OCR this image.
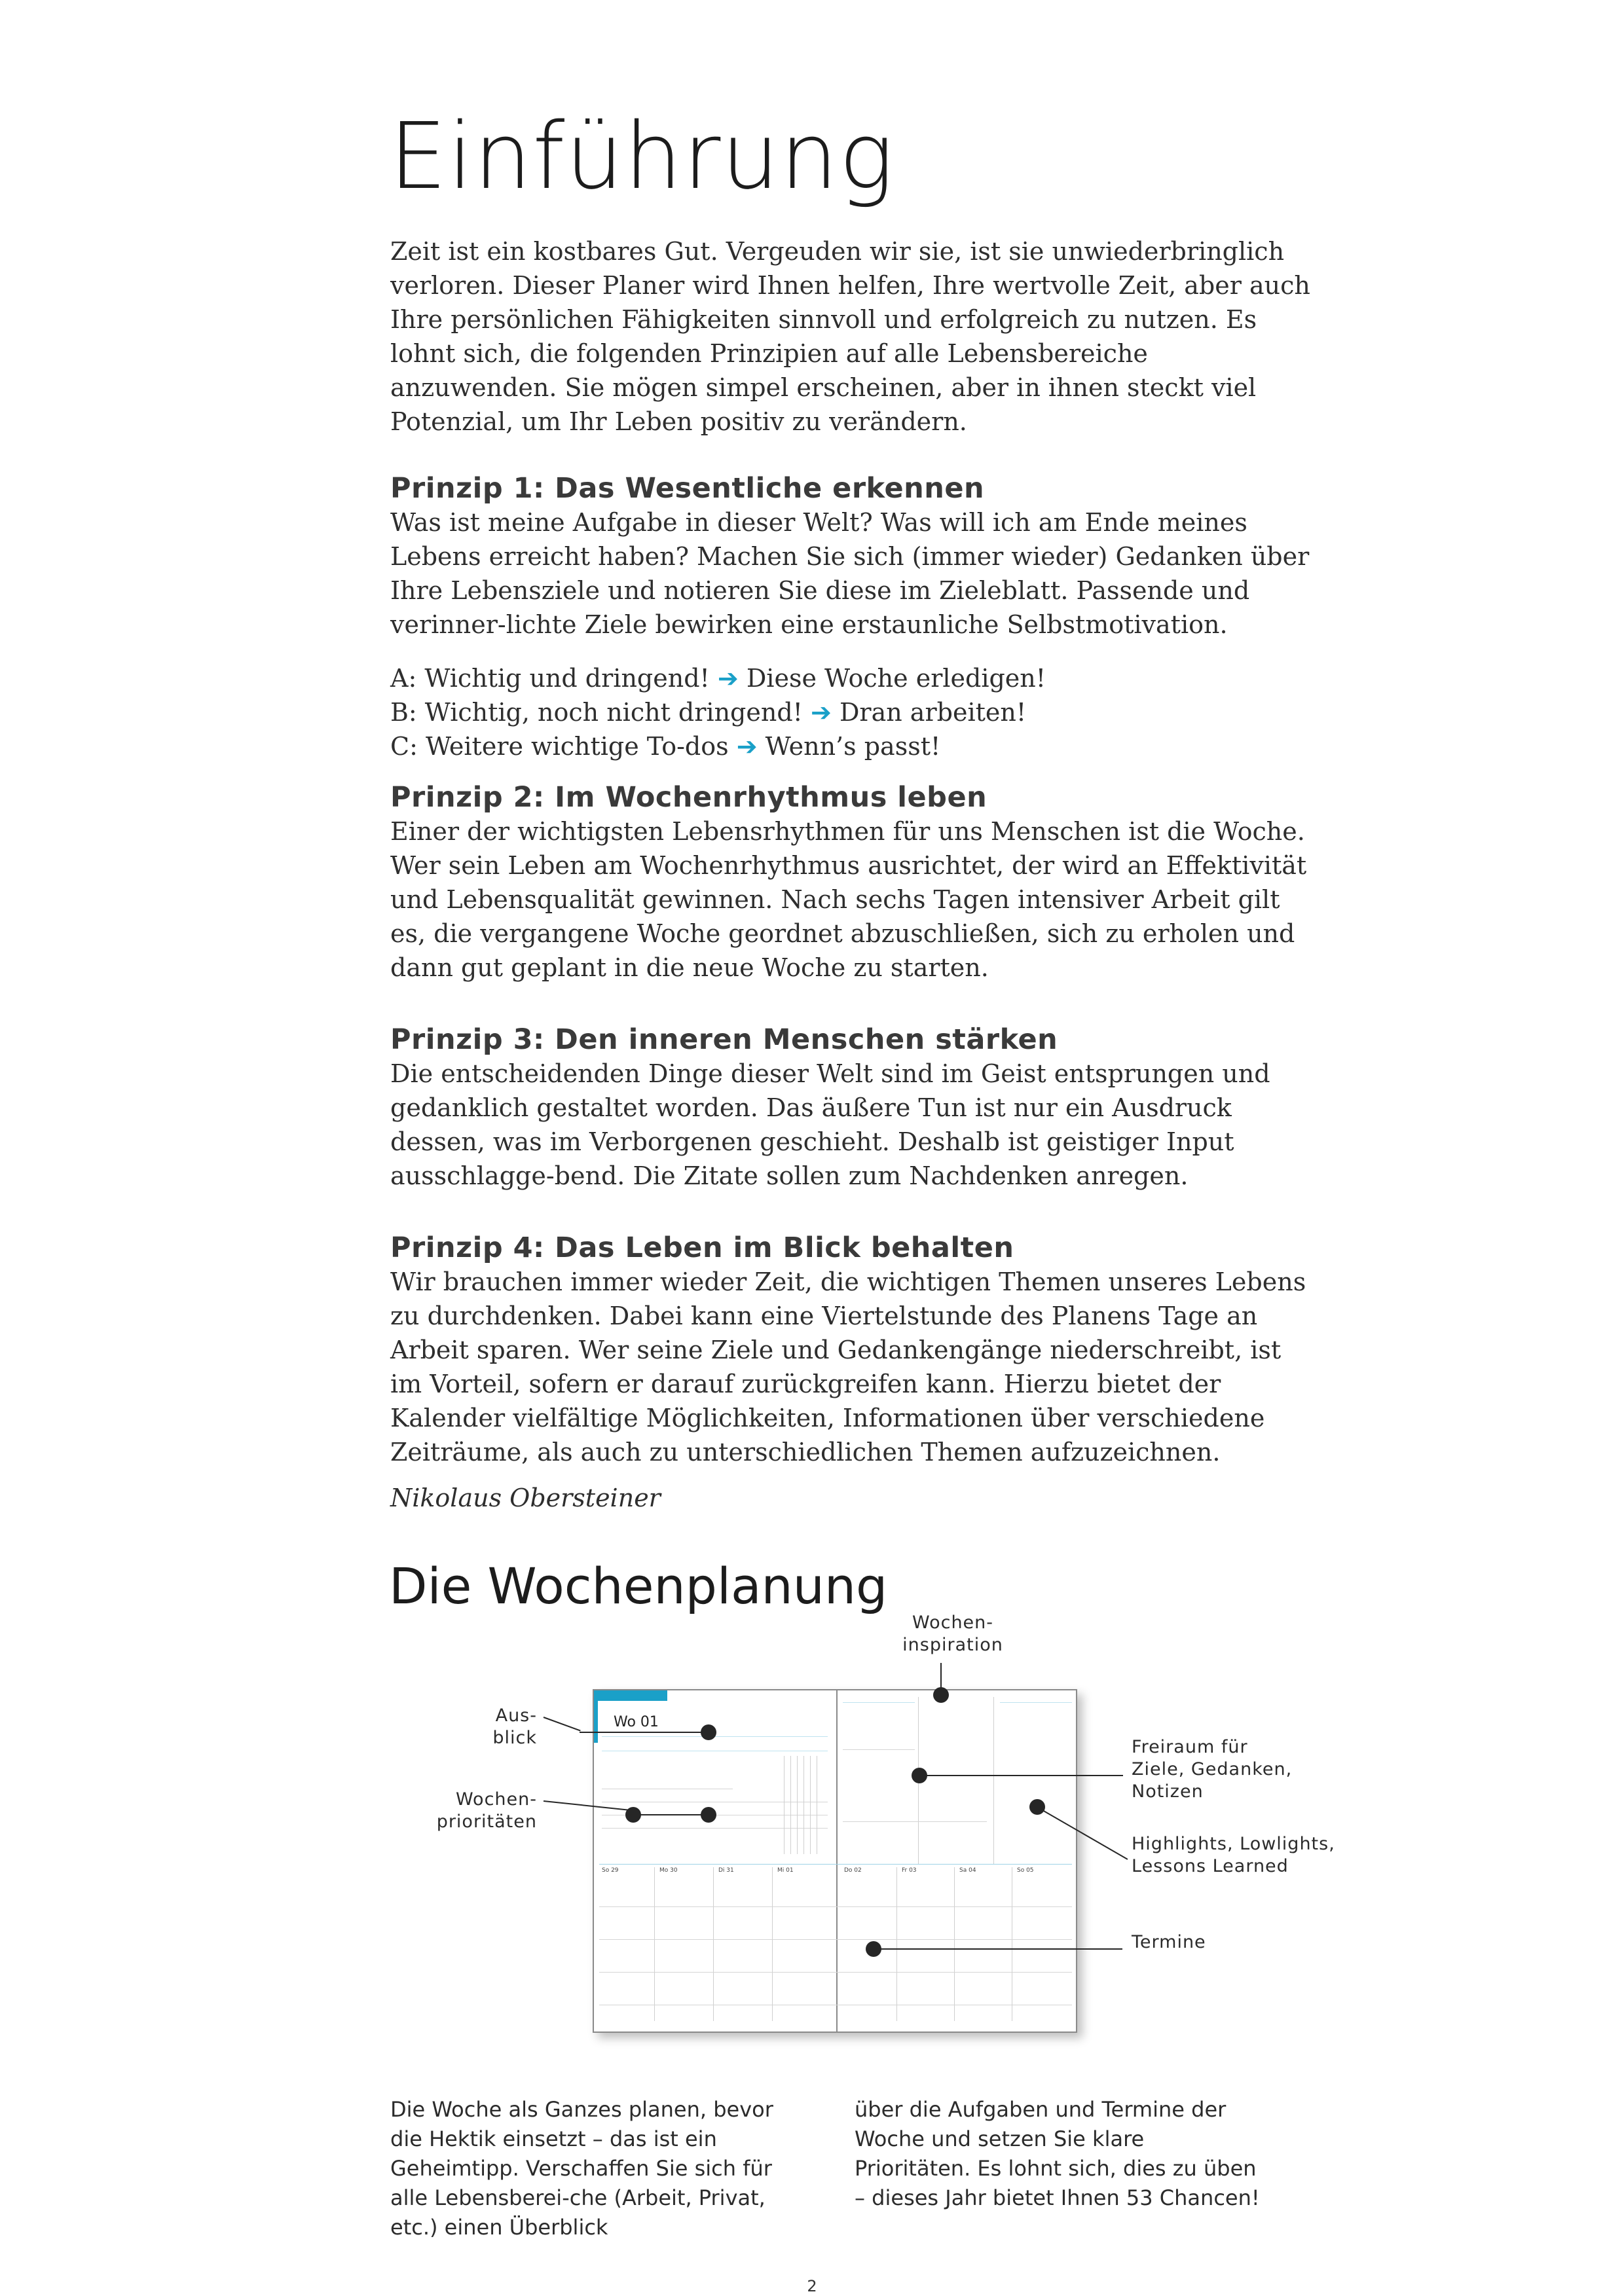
Einführung
Zeit ist ein kostbares Gut. Vergeuden wir sie, ist sie unwiederbringlich verloren. Dieser Planer wird Ihnen helfen, Ihre wertvolle Zeit, aber auch Ihre persönlichen Fähigkeiten sinnvoll und erfolgreich zu nutzen. Es lohnt sich, die folgenden Prinzipien auf alle Lebensbereiche anzuwenden. Sie mögen simpel erscheinen, aber in ihnen steckt viel Potenzial, um Ihr Leben positiv zu verändern.
Prinzip 1: Das Wesentliche erkennen
Was ist meine Aufgabe in dieser Welt? Was will ich am Ende meines Lebens erreicht haben? Machen Sie sich (immer wieder) Gedanken über Ihre Lebensziele und notieren Sie diese im Zieleblatt. Passende und verinner-lichte Ziele bewirken eine erstaunliche Selbstmotivation.
A: Wichtig und dringend! ➔ Diese Woche erledigen!
B: Wichtig, noch nicht dringend! ➔ Dran arbeiten!
C: Weitere wichtige To-dos ➔ Wenn’s passt!
Prinzip 2: Im Wochenrhythmus leben
Einer der wichtigsten Lebensrhythmen für uns Menschen ist die Woche. Wer sein Leben am Wochenrhythmus ausrichtet, der wird an Effektivität und Lebensqualität gewinnen. Nach sechs Tagen intensiver Arbeit gilt es, die vergangene Woche geordnet abzuschließen, sich zu erholen und dann gut geplant in die neue Woche zu starten.
Prinzip 3: Den inneren Menschen stärken
Die entscheidenden Dinge dieser Welt sind im Geist entsprungen und gedanklich gestaltet worden. Das äußere Tun ist nur ein Ausdruck dessen, was im Verborgenen geschieht. Deshalb ist geistiger Input ausschlagge-bend. Die Zitate sollen zum Nachdenken anregen.
Prinzip 4: Das Leben im Blick behalten
Wir brauchen immer wieder Zeit, die wichtigen Themen unseres Lebens zu durchdenken. Dabei kann eine Viertelstunde des Planens Tage an Arbeit sparen. Wer seine Ziele und Gedankengänge niederschreibt, ist im Vorteil, sofern er darauf zurückgreifen kann. Hierzu bietet der Kalender vielfältige Möglichkeiten, Informationen über verschiedene Zeiträume, als auch zu unterschiedlichen Themen aufzuzeichnen.
Nikolaus Obersteiner
Die Wochenplanung
Wochen-
inspiration
Aus-
blick
Wochen-
prioritäten
Freiraum für
Ziele, Gedanken,
Notizen
Highlights, Lowlights,
Lessons Learned
Termine
Wo 01
So 29	Mo 30	Di 31	Mi 01	Do 02	Fr 03	Sa 04	So 05
Die Woche als Ganzes planen, bevor die Hektik einsetzt – das ist ein Geheimtipp. Verschaffen Sie sich für alle Lebensberei-che (Arbeit, Privat, etc.) einen Überblick
über die Aufgaben und Termine der Woche und setzen Sie klare Prioritäten. Es lohnt sich, dies zu üben – dieses Jahr bietet Ihnen 53 Chancen!
2
